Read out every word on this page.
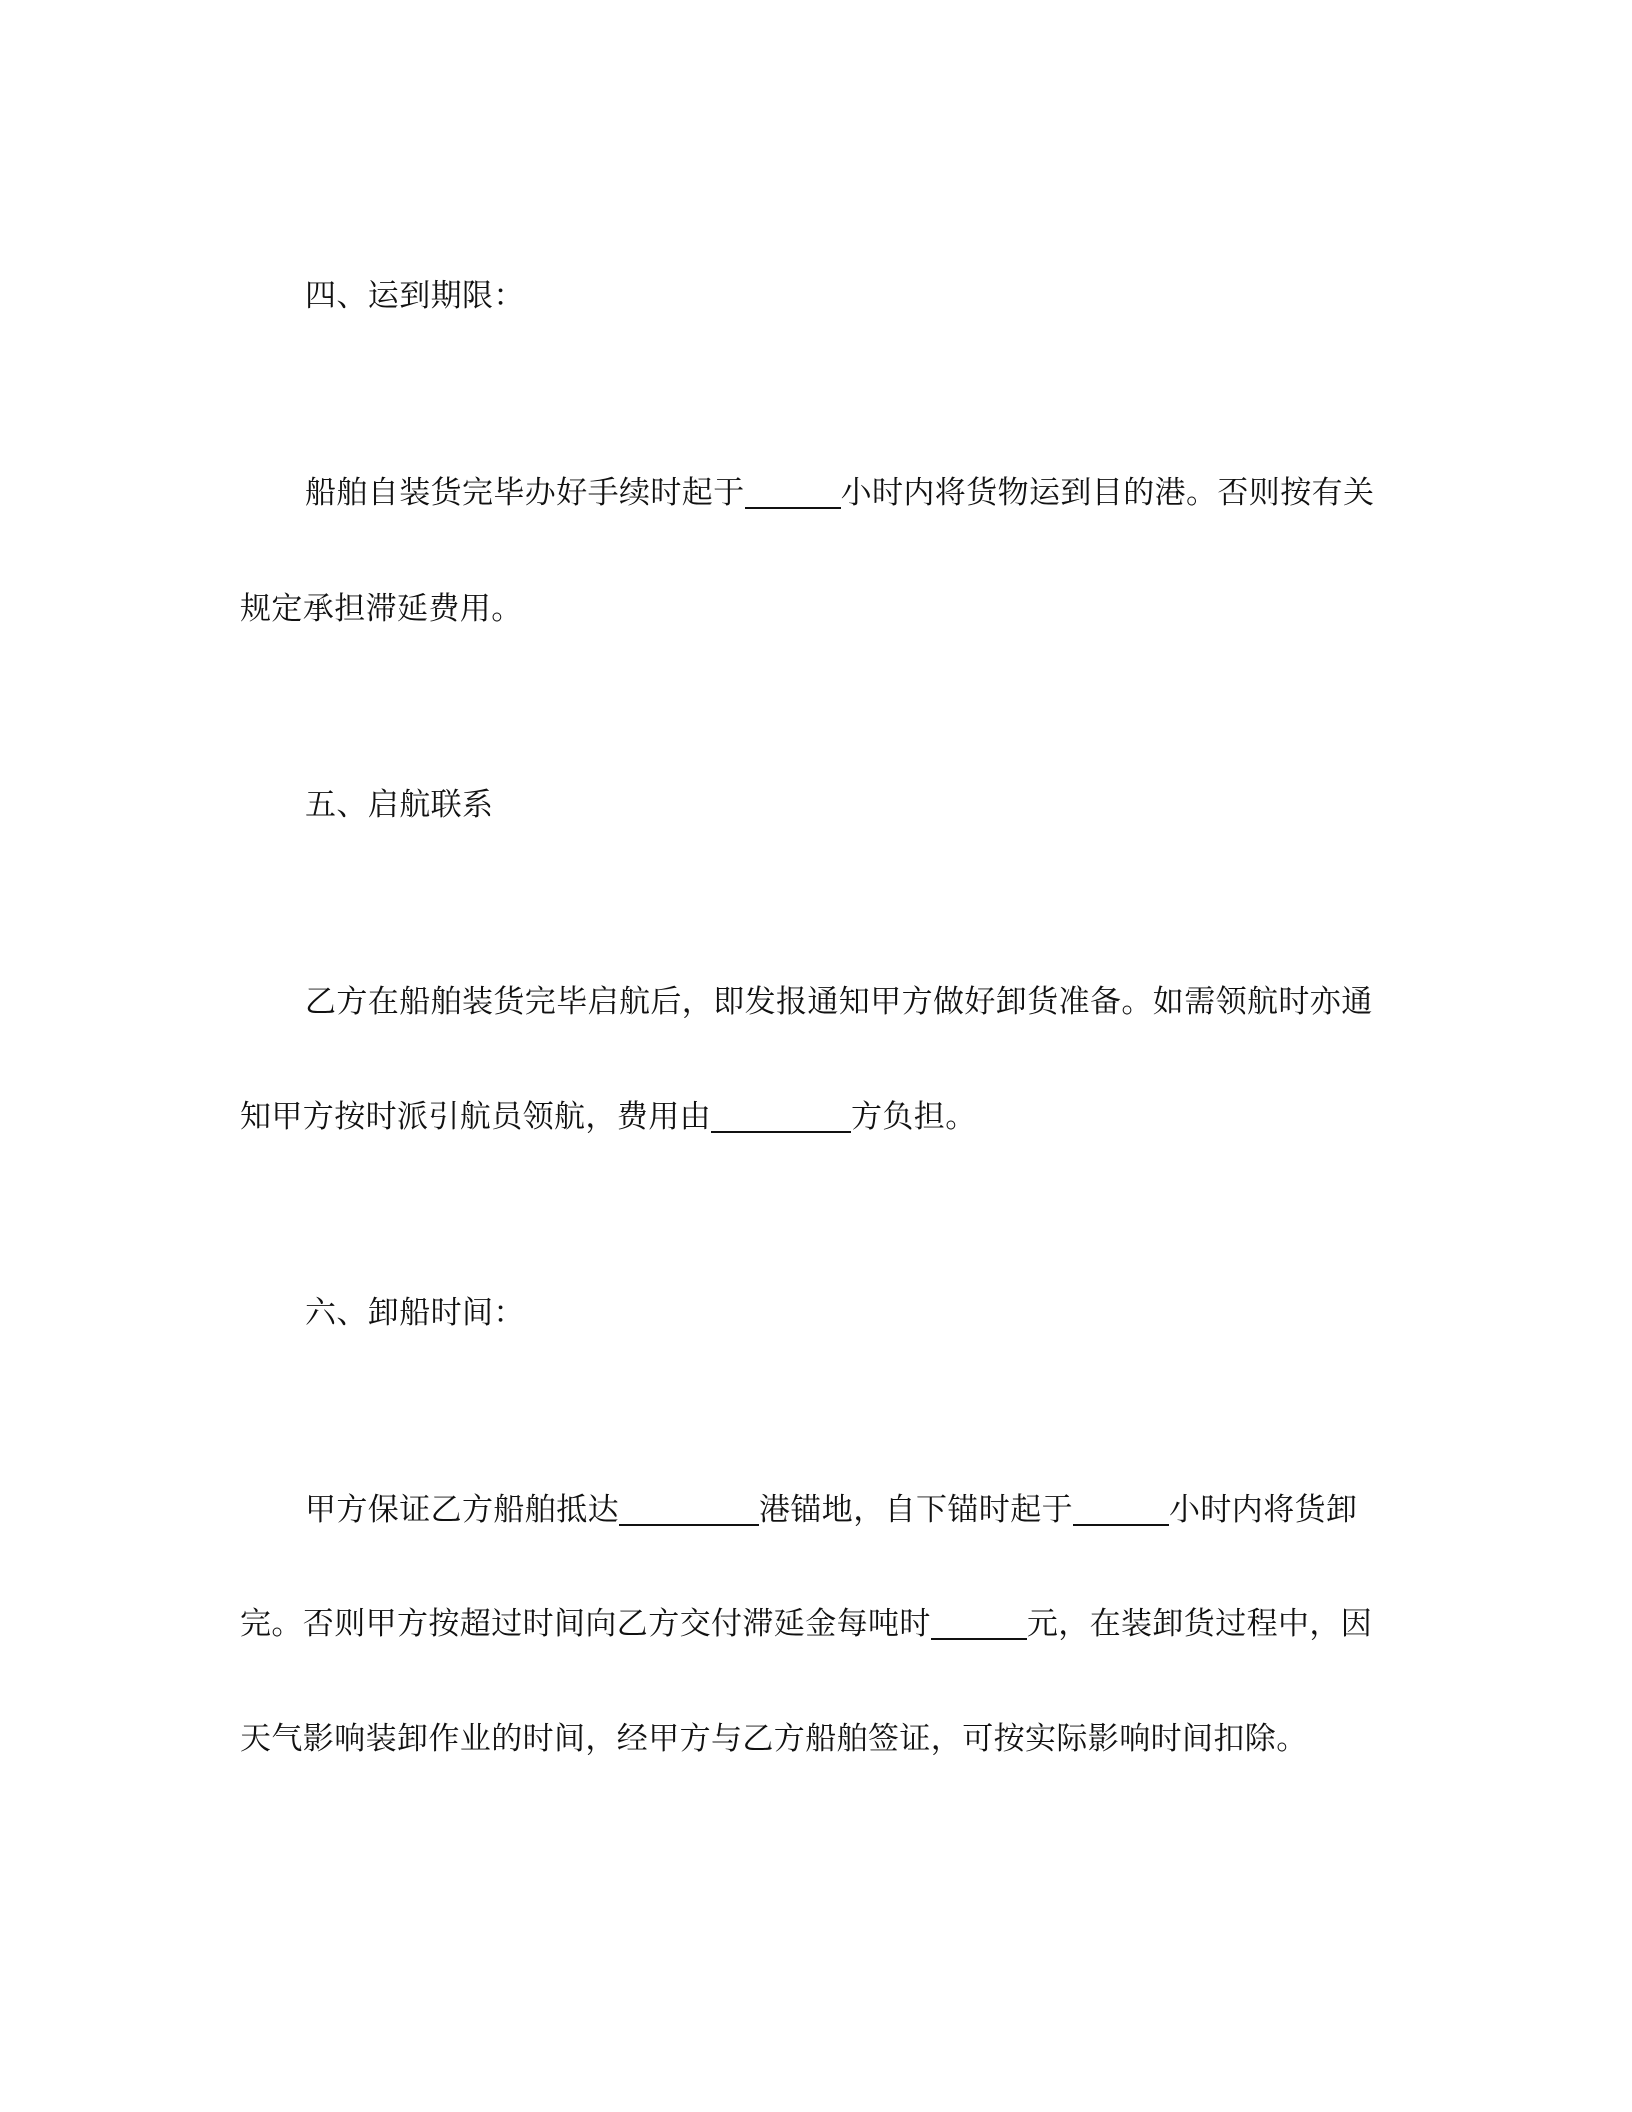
四、运到期限：
船舶自装货完毕办好手续时起于	小时内将货物运到目的港。否则按有关
规定承担滞延费用。
五、启航联系
乙方在船舶装货完毕启航后，即发报通知甲方做好卸货准备。如需领航时亦通
知甲方按时派引航员领航，费用由	方负担。
六、卸船时间：
甲方保证乙方船舶抵达	港锚地，自下锚时起于	小时内将货卸
完。否则甲方按超过时间向乙方交付滞延金每吨时	元，在装卸货过程中，因
天气影响装卸作业的时间，经甲方与乙方船舶签证，可按实际影响时间扣除。
